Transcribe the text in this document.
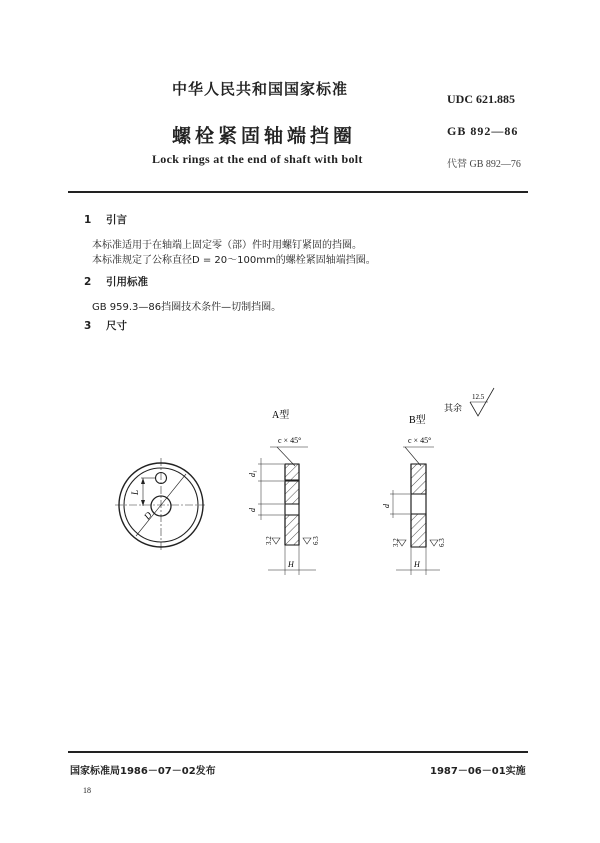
中华人民共和国国家标准
UDC 621.885
螺栓紧固轴端挡圈	GB 892—86
Lock rings at the end of shaft with bolt	代替 GB 892—76
1 引言
本标准适用于在轴端上固定零（部）件时用螺钉紧固的挡圈。
本标准规定了公称直径D = 20～100mm的螺栓紧固轴端挡圈。
2 引用标准
GB 959.3—86挡圈技术条件—切制挡圈。
3 尺寸
L
D
A型
c × 45°
d₁
d
3.2	6.3
H
其余
12.5
B型
c × 45°
d
3.2	6.3
H
国家标准局1986－07－02发布	1987－06－01实施
18
